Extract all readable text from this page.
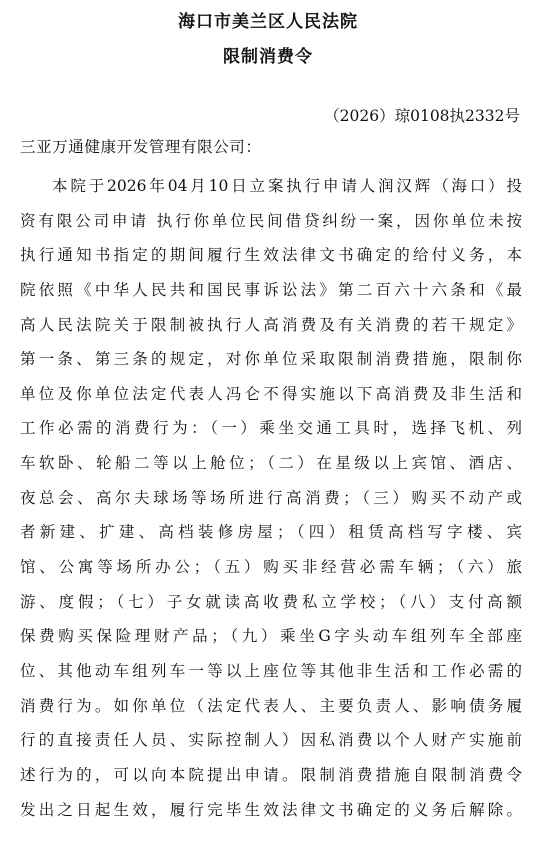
海口市美兰区人民法院
限制消费令
（2026）琼0108执2332号
三亚万通健康开发管理有限公司：
本院于2026年04月10日立案执行申请人润汉辉（海口）投
资有限公司申请 执行你单位民间借贷纠纷一案，因你单位未按
执行通知书指定的期间履行生效法律文书确定的给付义务，本
院依照《中华人民共和国民事诉讼法》第二百六十六条和《最
高人民法院关于限制被执行人高消费及有关消费的若干规定》
第一条、第三条的规定，对你单位采取限制消费措施，限制你
单位及你单位法定代表人冯仑不得实施以下高消费及非生活和
工作必需的消费行为：（一）乘坐交通工具时，选择飞机、列
车软卧、轮船二等以上舱位；（二）在星级以上宾馆、酒店、
夜总会、高尔夫球场等场所进行高消费；（三）购买不动产或
者新建、扩建、高档装修房屋；（四）租赁高档写字楼、宾
馆、公寓等场所办公；（五）购买非经营必需车辆；（六）旅
游、度假；（七）子女就读高收费私立学校；（八）支付高额
保费购买保险理财产品；（九）乘坐G字头动车组列车全部座
位、其他动车组列车一等以上座位等其他非生活和工作必需的
消费行为。如你单位（法定代表人、主要负责人、影响债务履
行的直接责任人员、实际控制人）因私消费以个人财产实施前
述行为的，可以向本院提出申请。限制消费措施自限制消费令
发出之日起生效，履行完毕生效法律文书确定的义务后解除。
